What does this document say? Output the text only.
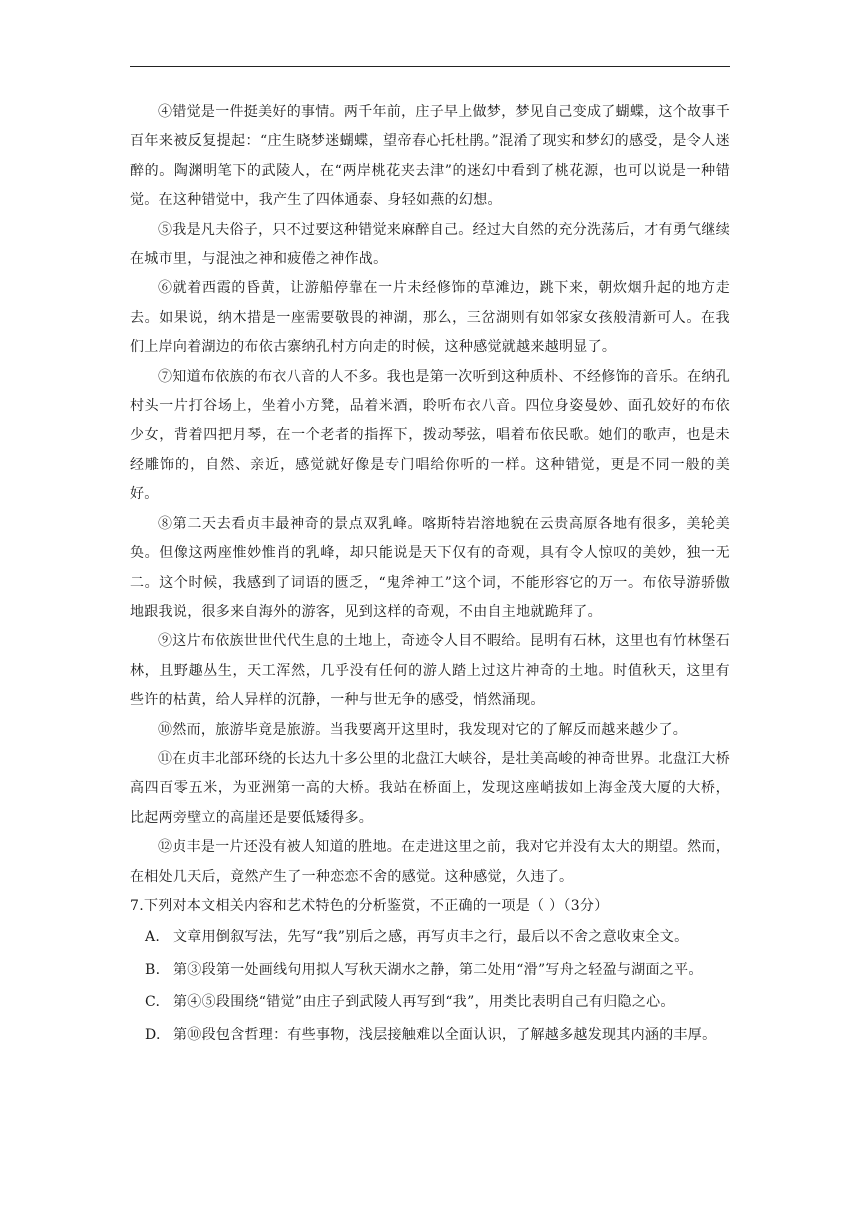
④错觉是一件挺美好的事情。两千年前，庄子早上做梦，梦见自己变成了蝴蝶，这个故事千百年来被反复提起：“庄生晓梦迷蝴蝶，望帝春心托杜鹃。”混淆了现实和梦幻的感受，是令人迷醉的。陶渊明笔下的武陵人，在“两岸桃花夹去津”的迷幻中看到了桃花源，也可以说是一种错觉。在这种错觉中，我产生了四体通泰、身轻如燕的幻想。

⑤我是凡夫俗子，只不过要这种错觉来麻醉自己。经过大自然的充分洗荡后，才有勇气继续在城市里，与混浊之神和疲倦之神作战。

⑥就着西霞的昏黄，让游船停靠在一片未经修饰的草滩边，跳下来，朝炊烟升起的地方走去。如果说，纳木措是一座需要敬畏的神湖，那么，三岔湖则有如邻家女孩般清新可人。在我们上岸向着湖边的布依古寨纳孔村方向走的时候，这种感觉就越来越明显了。

⑦知道布依族的布衣八音的人不多。我也是第一次听到这种质朴、不经修饰的音乐。在纳孔村头一片打谷场上，坐着小方凳，品着米酒，聆听布衣八音。四位身姿曼妙、面孔姣好的布依少女，背着四把月琴，在一个老者的指挥下，拨动琴弦，唱着布依民歌。她们的歌声，也是未经雕饰的，自然、亲近，感觉就好像是专门唱给你听的一样。这种错觉，更是不同一般的美好。

⑧第二天去看贞丰最神奇的景点双乳峰。喀斯特岩溶地貌在云贵高原各地有很多，美轮美奂。但像这两座惟妙惟肖的乳峰，却只能说是天下仅有的奇观，具有令人惊叹的美妙，独一无二。这个时候，我感到了词语的匮乏，“鬼斧神工”这个词，不能形容它的万一。布依导游骄傲地跟我说，很多来自海外的游客，见到这样的奇观，不由自主地就跪拜了。

⑨这片布依族世世代代生息的土地上，奇迹令人目不暇给。昆明有石林，这里也有竹林堡石林，且野趣丛生，天工浑然，几乎没有任何的游人踏上过这片神奇的土地。时值秋天，这里有些许的枯黄，给人异样的沉静，一种与世无争的感受，悄然涌现。

⑩然而，旅游毕竟是旅游。当我要离开这里时，我发现对它的了解反而越来越少了。

⑪在贞丰北部环绕的长达九十多公里的北盘江大峡谷，是壮美高峻的神奇世界。北盘江大桥高四百零五米，为亚洲第一高的大桥。我站在桥面上，发现这座峭拔如上海金茂大厦的大桥，比起两旁壁立的高崖还是要低矮得多。

⑫贞丰是一片还没有被人知道的胜地。在走进这里之前，我对它并没有太大的期望。然而，在相处几天后，竟然产生了一种恋恋不舍的感觉。这种感觉，久违了。

7.下列对本文相关内容和艺术特色的分析鉴赏，不正确的一项是（ ）（3分）

A. 文章用倒叙写法，先写“我”别后之感，再写贞丰之行，最后以不舍之意收束全文。
B. 第③段第一处画线句用拟人写秋天湖水之静，第二处用“滑”写舟之轻盈与湖面之平。
C. 第④⑤段围绕“错觉”由庄子到武陵人再写到“我”，用类比表明自己有归隐之心。
D. 第⑩段包含哲理：有些事物，浅层接触难以全面认识，了解越多越发现其内涵的丰厚。
